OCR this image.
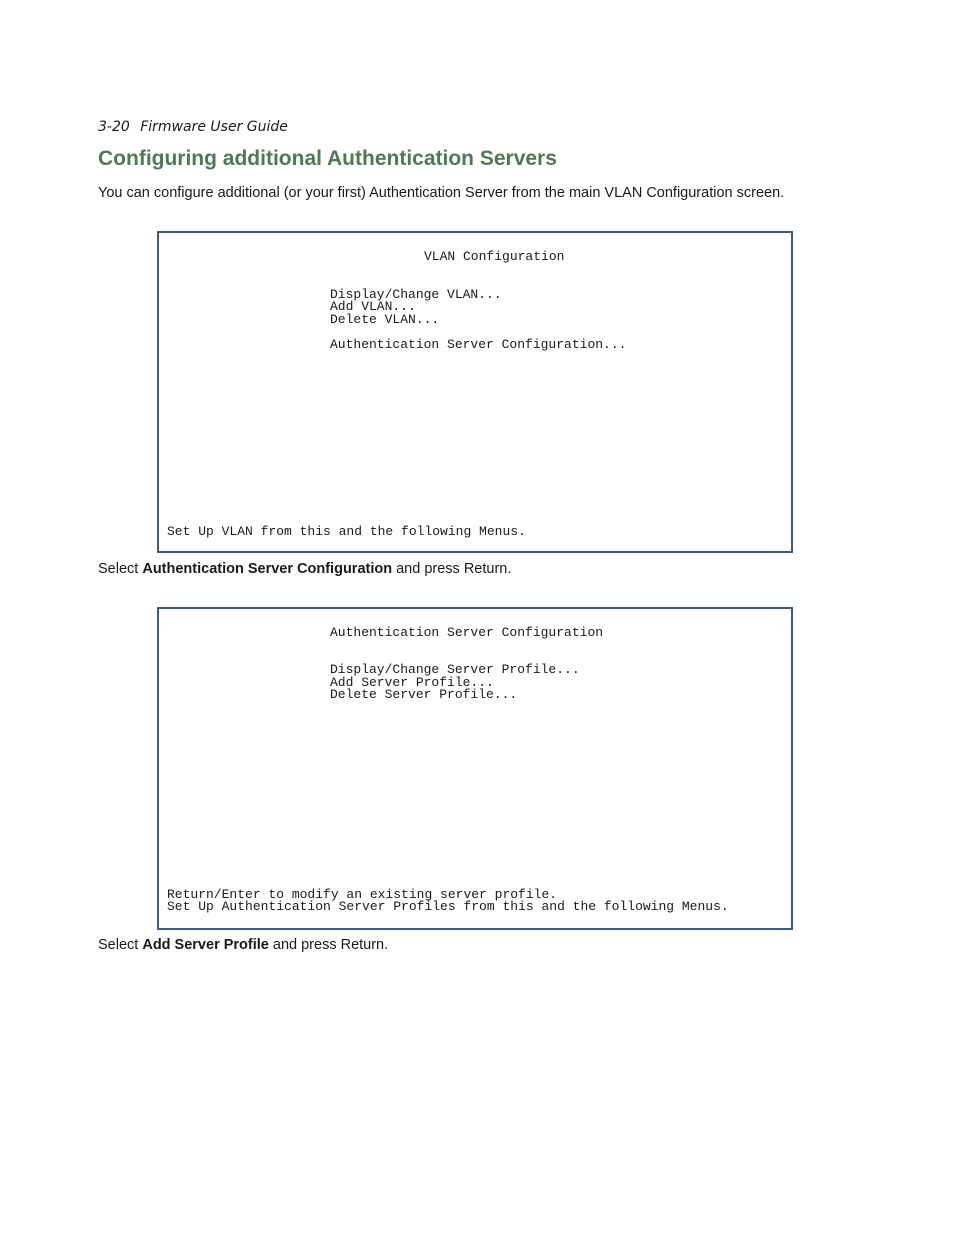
3-20 Firmware User Guide
Configuring additional Authentication Servers

You can configure additional (or your first) Authentication Server from the main VLAN Configuration screen.

VLAN Configuration
Display/Change VLAN...
Add VLAN...
Delete VLAN...
Authentication Server Configuration...
Set Up VLAN from this and the following Menus.

Select Authentication Server Configuration and press Return.

Authentication Server Configuration
Display/Change Server Profile...
Add Server Profile...
Delete Server Profile...
Return/Enter to modify an existing server profile.
Set Up Authentication Server Profiles from this and the following Menus.

Select Add Server Profile and press Return.
